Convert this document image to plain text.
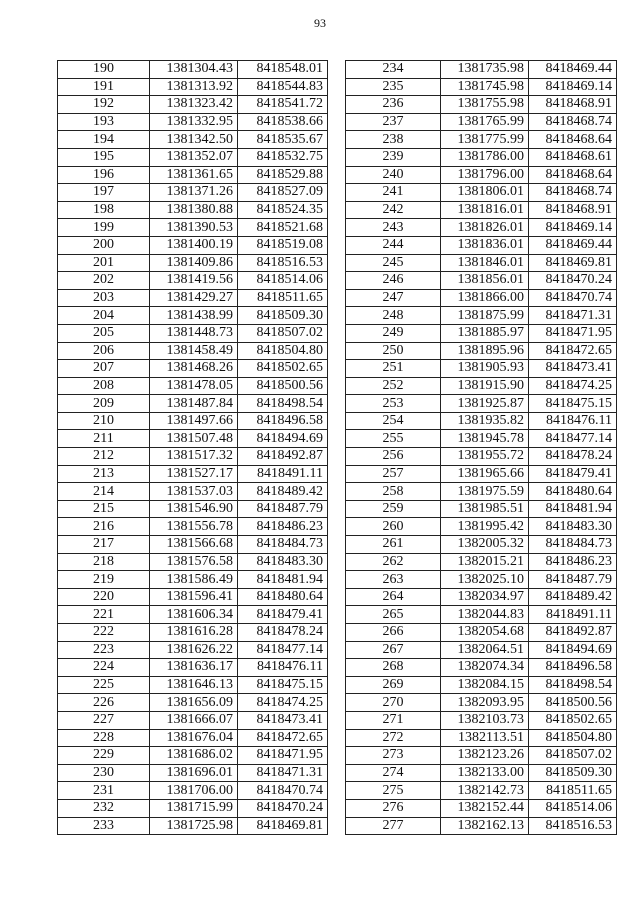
93
190	1381304.43	8418548.01
191	1381313.92	8418544.83
192	1381323.42	8418541.72
193	1381332.95	8418538.66
194	1381342.50	8418535.67
195	1381352.07	8418532.75
196	1381361.65	8418529.88
197	1381371.26	8418527.09
198	1381380.88	8418524.35
199	1381390.53	8418521.68
200	1381400.19	8418519.08
201	1381409.86	8418516.53
202	1381419.56	8418514.06
203	1381429.27	8418511.65
204	1381438.99	8418509.30
205	1381448.73	8418507.02
206	1381458.49	8418504.80
207	1381468.26	8418502.65
208	1381478.05	8418500.56
209	1381487.84	8418498.54
210	1381497.66	8418496.58
211	1381507.48	8418494.69
212	1381517.32	8418492.87
213	1381527.17	8418491.11
214	1381537.03	8418489.42
215	1381546.90	8418487.79
216	1381556.78	8418486.23
217	1381566.68	8418484.73
218	1381576.58	8418483.30
219	1381586.49	8418481.94
220	1381596.41	8418480.64
221	1381606.34	8418479.41
222	1381616.28	8418478.24
223	1381626.22	8418477.14
224	1381636.17	8418476.11
225	1381646.13	8418475.15
226	1381656.09	8418474.25
227	1381666.07	8418473.41
228	1381676.04	8418472.65
229	1381686.02	8418471.95
230	1381696.01	8418471.31
231	1381706.00	8418470.74
232	1381715.99	8418470.24
233	1381725.98	8418469.81
234	1381735.98	8418469.44
235	1381745.98	8418469.14
236	1381755.98	8418468.91
237	1381765.99	8418468.74
238	1381775.99	8418468.64
239	1381786.00	8418468.61
240	1381796.00	8418468.64
241	1381806.01	8418468.74
242	1381816.01	8418468.91
243	1381826.01	8418469.14
244	1381836.01	8418469.44
245	1381846.01	8418469.81
246	1381856.01	8418470.24
247	1381866.00	8418470.74
248	1381875.99	8418471.31
249	1381885.97	8418471.95
250	1381895.96	8418472.65
251	1381905.93	8418473.41
252	1381915.90	8418474.25
253	1381925.87	8418475.15
254	1381935.82	8418476.11
255	1381945.78	8418477.14
256	1381955.72	8418478.24
257	1381965.66	8418479.41
258	1381975.59	8418480.64
259	1381985.51	8418481.94
260	1381995.42	8418483.30
261	1382005.32	8418484.73
262	1382015.21	8418486.23
263	1382025.10	8418487.79
264	1382034.97	8418489.42
265	1382044.83	8418491.11
266	1382054.68	8418492.87
267	1382064.51	8418494.69
268	1382074.34	8418496.58
269	1382084.15	8418498.54
270	1382093.95	8418500.56
271	1382103.73	8418502.65
272	1382113.51	8418504.80
273	1382123.26	8418507.02
274	1382133.00	8418509.30
275	1382142.73	8418511.65
276	1382152.44	8418514.06
277	1382162.13	8418516.53
